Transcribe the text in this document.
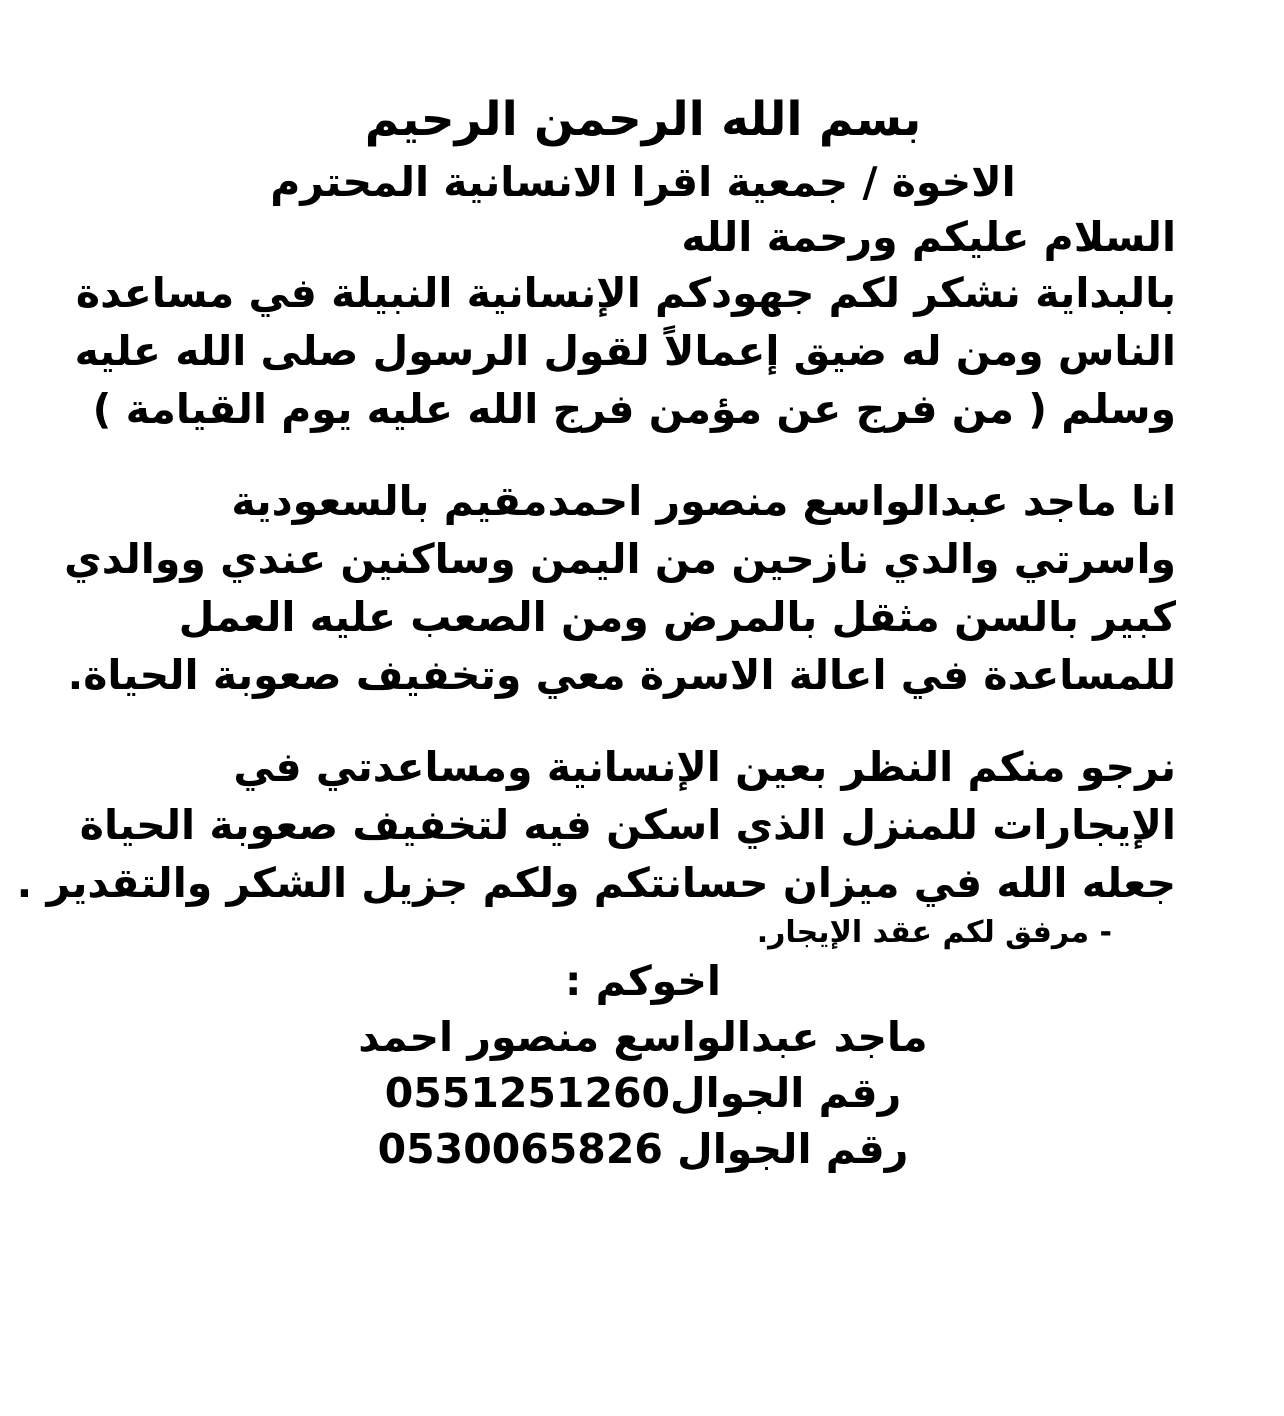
بسم الله الرحمن الرحيم
الاخوة / جمعية اقرا الانسانية المحترم
السلام عليكم ورحمة الله
بالبداية نشكر لكم جهودكم الإنسانية النبيلة في مساعدة
الناس ومن له ضيق إعمالاً لقول الرسول صلى الله عليه
وسلم ( من فرج عن مؤمن فرج الله عليه يوم القيامة )
انا ماجد عبدالواسع منصور احمدمقيم بالسعودية
واسرتي والدي نازحين من اليمن وساكنين عندي ووالدي
كبير بالسن مثقل بالمرض ومن الصعب عليه العمل
للمساعدة في اعالة الاسرة معي وتخفيف صعوبة الحياة.
نرجو منكم النظر بعين الإنسانية ومساعدتي في
الإيجارات للمنزل الذي اسكن فيه لتخفيف صعوبة الحياة
جعله الله في ميزان حسانتكم ولكم جزيل الشكر والتقدير .
- مرفق لكم عقد الإيجار.
اخوكم :
ماجد عبدالواسع منصور احمد
رقم الجوال0551251260
رقم الجوال 0530065826
